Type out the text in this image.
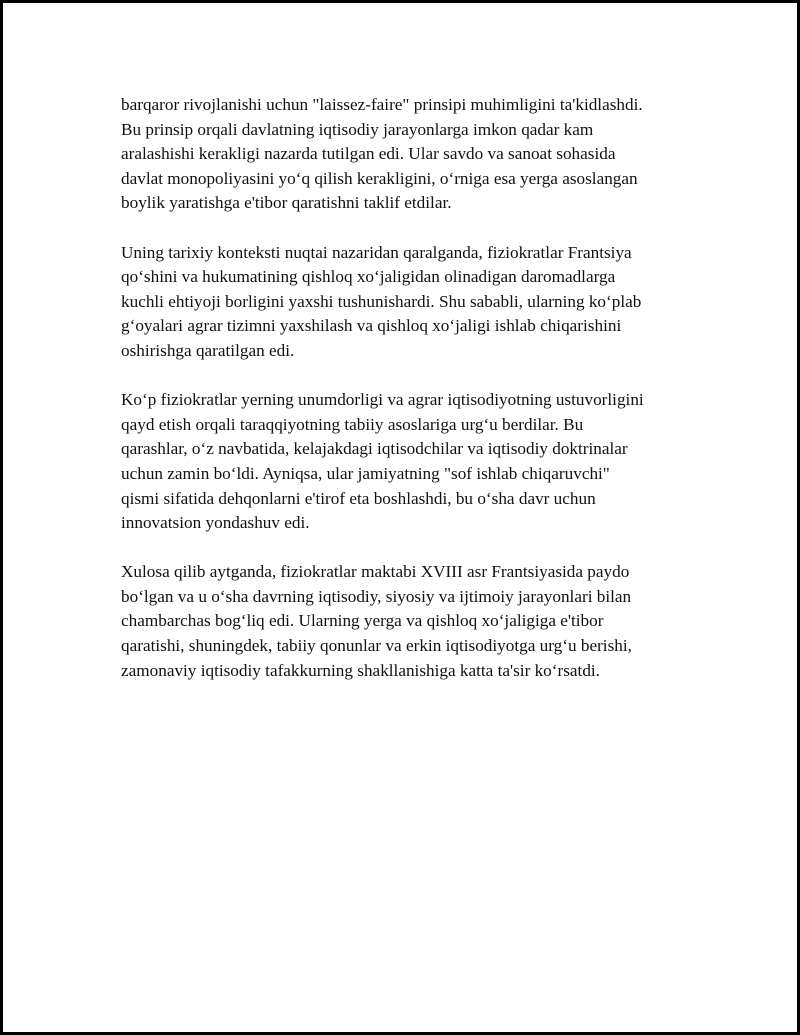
barqaror rivojlanishi uchun "laissez-faire" prinsipi muhimligini ta'kidlashdi.
Bu prinsip orqali davlatning iqtisodiy jarayonlarga imkon qadar kam
aralashishi kerakligi nazarda tutilgan edi. Ular savdo va sanoat sohasida
davlat monopoliyasini yo‘q qilish kerakligini, o‘rniga esa yerga asoslangan
boylik yaratishga e'tibor qaratishni taklif etdilar.

Uning tarixiy konteksti nuqtai nazaridan qaralganda, fiziokratlar Frantsiya
qo‘shini va hukumatining qishloq xo‘jaligidan olinadigan daromadlarga
kuchli ehtiyoji borligini yaxshi tushunishardi. Shu sababli, ularning ko‘plab
g‘oyalari agrar tizimni yaxshilash va qishloq xo‘jaligi ishlab chiqarishini
oshirishga qaratilgan edi.

Ko‘p fiziokratlar yerning unumdorligi va agrar iqtisodiyotning ustuvorligini
qayd etish orqali taraqqiyotning tabiiy asoslariga urg‘u berdilar. Bu
qarashlar, o‘z navbatida, kelajakdagi iqtisodchilar va iqtisodiy doktrinalar
uchun zamin bo‘ldi. Ayniqsa, ular jamiyatning "sof ishlab chiqaruvchi"
qismi sifatida dehqonlarni e'tirof eta boshlashdi, bu o‘sha davr uchun
innovatsion yondashuv edi.

Xulosa qilib aytganda, fiziokratlar maktabi XVIII asr Frantsiyasida paydo
bo‘lgan va u o‘sha davrning iqtisodiy, siyosiy va ijtimoiy jarayonlari bilan
chambarchas bog‘liq edi. Ularning yerga va qishloq xo‘jaligiga e'tibor
qaratishi, shuningdek, tabiiy qonunlar va erkin iqtisodiyotga urg‘u berishi,
zamonaviy iqtisodiy tafakkurning shakllanishiga katta ta'sir ko‘rsatdi.
